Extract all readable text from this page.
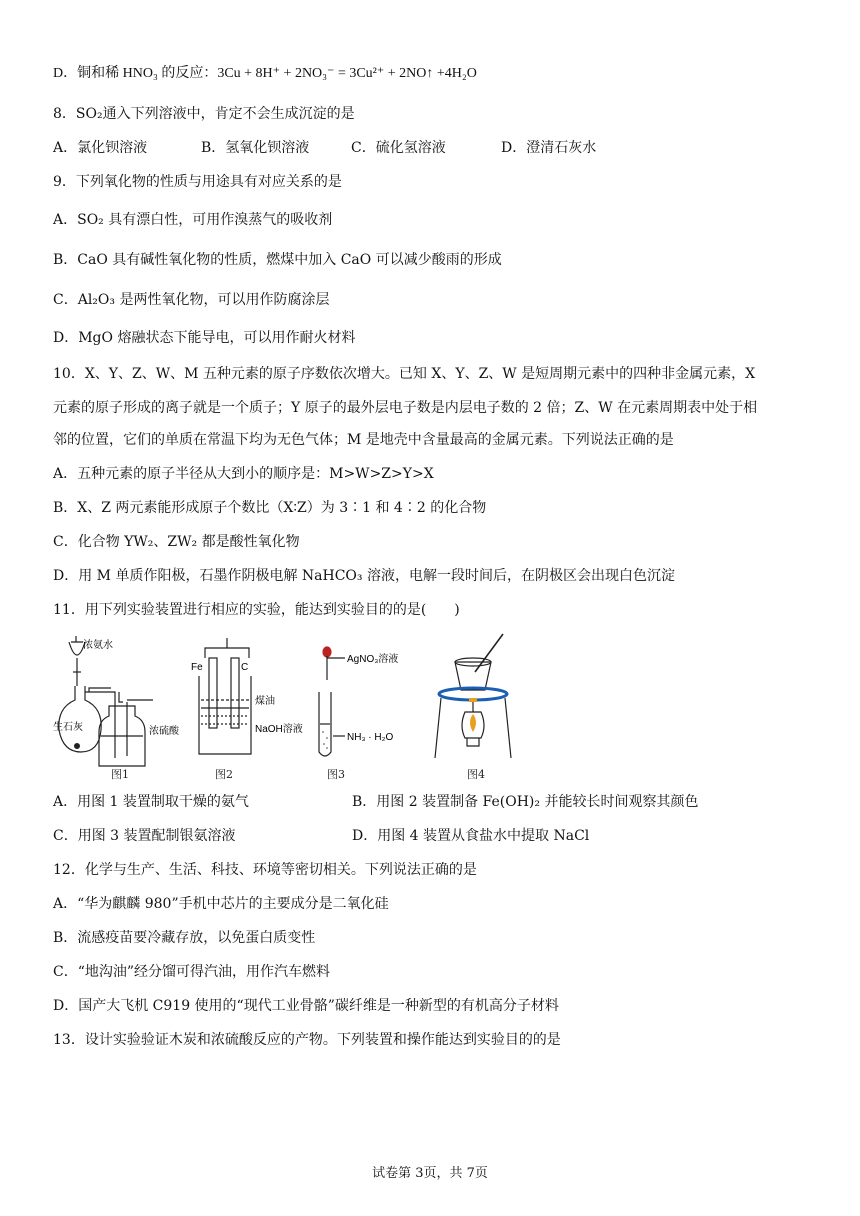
D．铜和稀 HNO₃ 的反应：3Cu + 8H⁺ + 2NO₃⁻ = 3Cu²⁺ + 2NO↑ +4H₂O
8．SO₂通入下列溶液中，肯定不会生成沉淀的是
A．氯化钡溶液	B．氢氧化钡溶液	C．硫化氢溶液	D．澄清石灰水
9．下列氧化物的性质与用途具有对应关系的是
A．SO₂ 具有漂白性，可用作溴蒸气的吸收剂
B．CaO 具有碱性氧化物的性质，燃煤中加入 CaO 可以减少酸雨的形成
C．Al₂O₃ 是两性氧化物，可以用作防腐涂层
D．MgO 熔融状态下能导电，可以用作耐火材料
10．X、Y、Z、W、M 五种元素的原子序数依次增大。已知 X、Y、Z、W 是短周期元素中的四种非金属元素，X
元素的原子形成的离子就是一个质子；Y 原子的最外层电子数是内层电子数的 2 倍；Z、W 在元素周期表中处于相
邻的位置，它们的单质在常温下均为无色气体；M 是地壳中含量最高的金属元素。下列说法正确的是
A．五种元素的原子半径从大到小的顺序是：M>W>Z>Y>X
B．X、Z 两元素能形成原子个数比（X∶Z）为 3∶1 和 4∶2 的化合物
C．化合物 YW₂、ZW₂ 都是酸性氧化物
D．用 M 单质作阳极，石墨作阴极电解 NaHCO₃ 溶液，电解一段时间后，在阴极区会出现白色沉淀
11．用下列实验装置进行相应的实验，能达到实验目的的是(　　)
浓氨水
生石灰	浓硫酸
图1
Fe	C
煤油
NaOH溶液
图2
AgNO₃溶液
NH₃ · H₂O
图3	图4
A．用图 1 装置制取干燥的氨气	B．用图 2 装置制备 Fe(OH)₂ 并能较长时间观察其颜色
C．用图 3 装置配制银氨溶液	D．用图 4 装置从食盐水中提取 NaCl
12．化学与生产、生活、科技、环境等密切相关。下列说法正确的是
A．“华为麒麟 980”手机中芯片的主要成分是二氧化硅
B．流感疫苗要冷藏存放，以免蛋白质变性
C．“地沟油”经分馏可得汽油，用作汽车燃料
D．国产大飞机 C919 使用的“现代工业骨骼”碳纤维是一种新型的有机高分子材料
13．设计实验验证木炭和浓硫酸反应的产物。下列装置和操作能达到实验目的的是
试卷第 3页，共 7页
